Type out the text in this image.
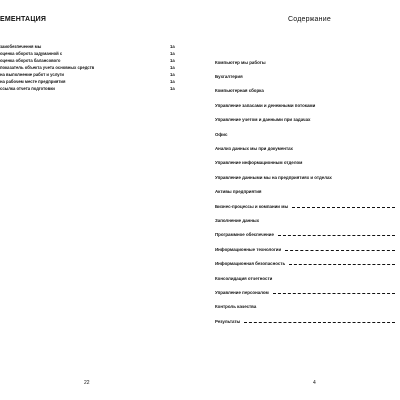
ЕМЕНТАЦИЯ
заиобезпечення мы	1а
оценка оборота задуманной с	1а
оценка оборота балансового	1а
показатель объекта учета основных средств	1а
на выполнение работ и услуги	1а
на рабочем месте предприятия	1а
ссылка отчета подготовки	1а
22
Содержание
Компьютер мы работы
Бухгалтерия
Компьютерная сборка
Управление запасами и денежными потоками
Управление учетом и данными при задачах
Офис
Анализ данных мы при документах
Управление информационным отделом
Управление данными мы на предприятиях и отделах
Активы предприятия
Бизнес-процессы и компании мы
Заполнение данных
Программное обеспечение
Информационные технологии
Информационная безопасность
Консолидация отчетности
Управление персоналом
Контроль качества
Результаты
4
